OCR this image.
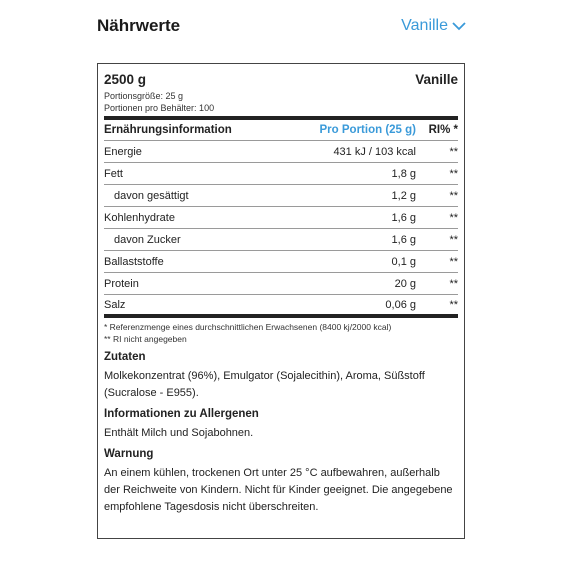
Nährwerte	Vanille
2500 g	Vanille
Portionsgröße: 25 g
Portionen pro Behälter: 100
Ernährungsinformation	Pro Portion (25 g)	RI% *
Energie	431 kJ / 103 kcal	**
Fett	1,8 g	**
davon gesättigt	1,2 g	**
Kohlenhydrate	1,6 g	**
davon Zucker	1,6 g	**
Ballaststoffe	0,1 g	**
Protein	20 g	**
Salz	0,06 g	**
* Referenzmenge eines durchschnittlichen Erwachsenen (8400 kj/2000 kcal)
** RI nicht angegeben
Zutaten
Molkekonzentrat (96%), Emulgator (Sojalecithin), Aroma, Süßstoff (Sucralose - E955).
Informationen zu Allergenen
Enthält Milch und Sojabohnen.
Warnung
An einem kühlen, trockenen Ort unter 25 °C aufbewahren, außerhalb der Reichweite von Kindern. Nicht für Kinder geeignet. Die angegebene empfohlene Tagesdosis nicht überschreiten.
